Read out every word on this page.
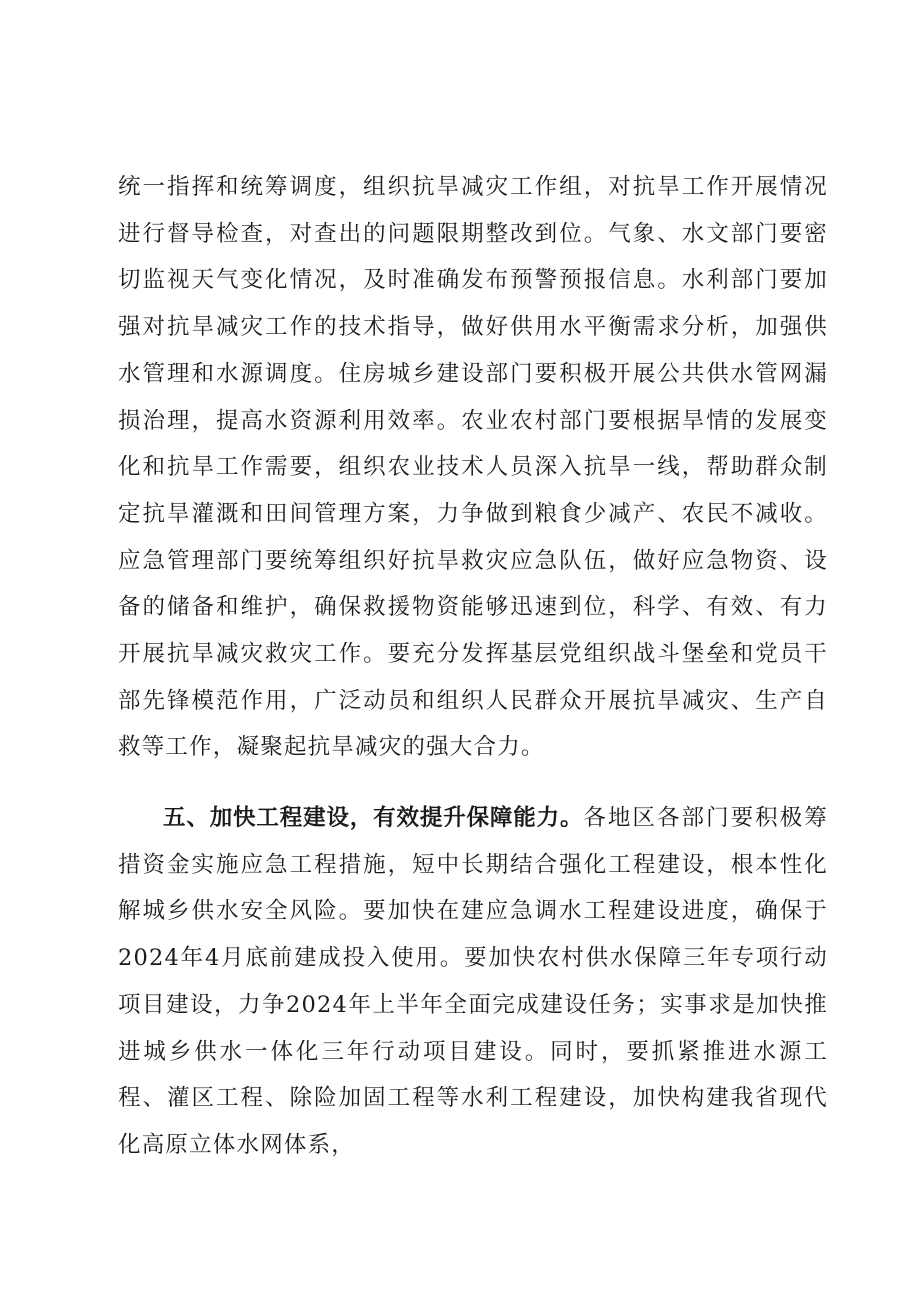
统一指挥和统筹调度，组织抗旱减灾工作组，对抗旱工作开展情况进行督导检查，对查出的问题限期整改到位。气象、水文部门要密切监视天气变化情况，及时准确发布预警预报信息。水利部门要加强对抗旱减灾工作的技术指导，做好供用水平衡需求分析，加强供水管理和水源调度。住房城乡建设部门要积极开展公共供水管网漏损治理，提高水资源利用效率。农业农村部门要根据旱情的发展变化和抗旱工作需要，组织农业技术人员深入抗旱一线，帮助群众制定抗旱灌溉和田间管理方案，力争做到粮食少减产、农民不减收。应急管理部门要统筹组织好抗旱救灾应急队伍，做好应急物资、设备的储备和维护，确保救援物资能够迅速到位，科学、有效、有力开展抗旱减灾救灾工作。要充分发挥基层党组织战斗堡垒和党员干部先锋模范作用，广泛动员和组织人民群众开展抗旱减灾、生产自救等工作，凝聚起抗旱减灾的强大合力。

五、加快工程建设，有效提升保障能力。各地区各部门要积极筹措资金实施应急工程措施，短中长期结合强化工程建设，根本性化解城乡供水安全风险。要加快在建应急调水工程建设进度，确保于2024年4月底前建成投入使用。要加快农村供水保障三年专项行动项目建设，力争2024年上半年全面完成建设任务；实事求是加快推进城乡供水一体化三年行动项目建设。同时，要抓紧推进水源工程、灌区工程、除险加固工程等水利工程建设，加快构建我省现代化高原立体水网体系，
